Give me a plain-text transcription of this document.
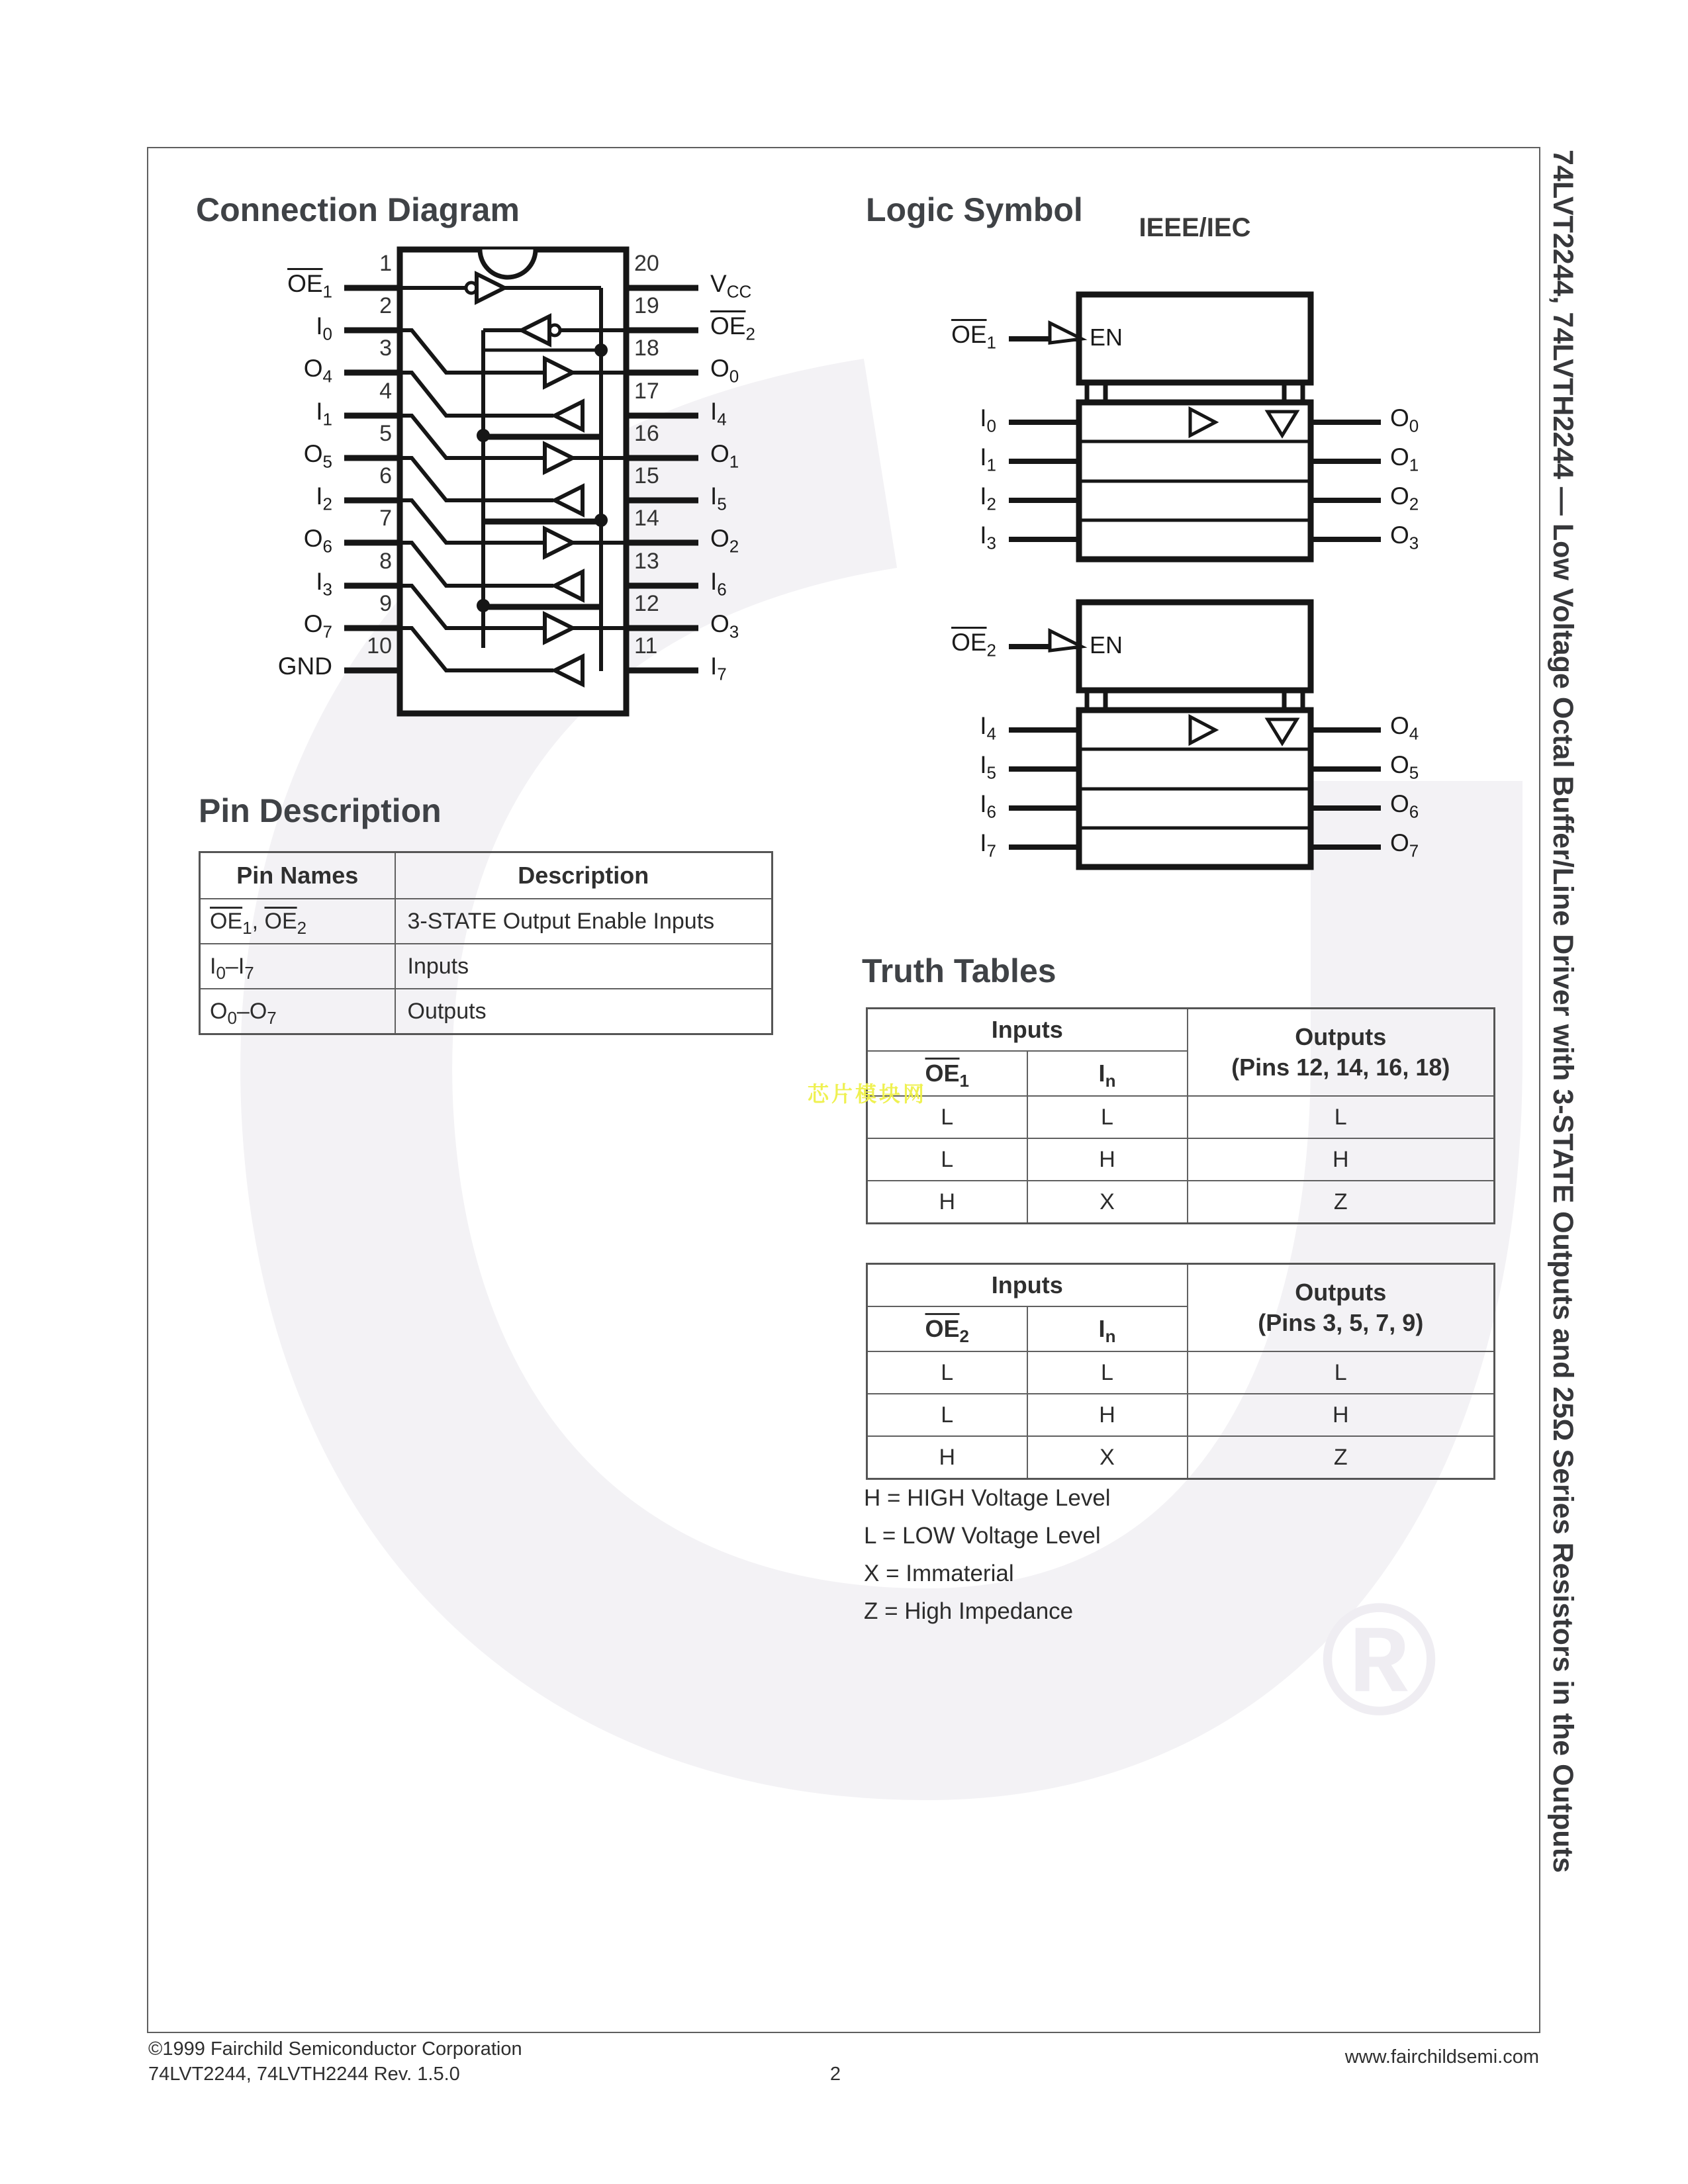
®
Connection Diagram	Logic Symbol	IEEE/IEC
Pin Description
Truth Tables
$\overline{OE}_1$
$I_0$
$O_4$
$I_1$
$O_5$
$I_2$
$O_6$
$I_3$
$O_7$
GND
1
2
3
4
5
6
7
8
9
10
20
19
18
17
16
15
14
13
12
11
$V_{CC}$
$\overline{OE}_2$
$O_0$
$I_4$
$O_1$
$I_5$
$O_2$
$I_6$
$O_3$
$I_7$
$\overline{OE}_1$	EN
$I_0$
$I_1$
$I_2$
$I_3$
$O_0$
$O_1$
$O_2$
$O_3$
$\overline{OE}_2$	EN
$I_4$
$I_5$
$I_6$
$I_7$
$O_4$
$O_5$
$O_6$
$O_7$
Pin Names	Description
$\overline{OE}_1$, $\overline{OE}_2$	3-STATE Output Enable Inputs
$I_0-I_7$	Inputs
$O_0-O_7$	Outputs
Inputs		Outputs
(Pins 12, 14, 16, 18)

$\overline{OE}_1$	$I_n$
L	L	L
L	H	H
H	X	Z
Inputs		Outputs
(Pins 3, 5, 7, 9)

$\overline{OE}_2$	$I_n$
L	L	L
L	H	H
H	X	Z
H = HIGH Voltage Level
L = LOW Voltage Level
X = Immaterial
Z = High Impedance
芯片模块网	74LVT2244, 74LVTH2244 — Low Voltage Octal Buffer/Line Driver with 3-STATE Outputs and 25Ω Series Resistors in the Outputs
©1999 Fairchild Semiconductor Corporation
74LVT2244, 74LVTH2244 Rev. 1.5.0	2
www.fairchildsemi.com
